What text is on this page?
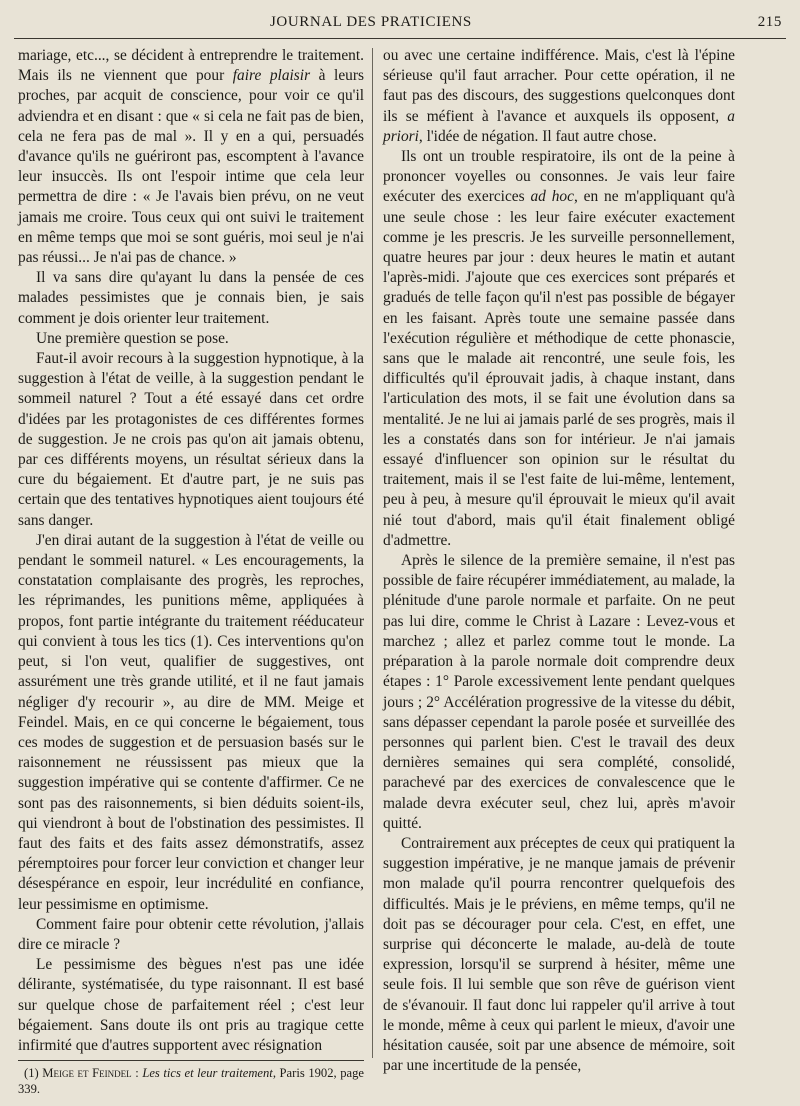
JOURNAL DES PRATICIENS	215

mariage, etc..., se décident à entreprendre le traitement. Mais ils ne viennent que pour faire plaisir à leurs proches, par acquit de conscience, pour voir ce qu'il adviendra et en disant : que « si cela ne fait pas de bien, cela ne fera pas de mal ». Il y en a qui, persuadés d'avance qu'ils ne guériront pas, escomptent à l'avance leur insuccès. Ils ont l'espoir intime que cela leur permettra de dire : « Je l'avais bien prévu, on ne veut jamais me croire. Tous ceux qui ont suivi le traitement en même temps que moi se sont guéris, moi seul je n'ai pas réussi... Je n'ai pas de chance. »

Il va sans dire qu'ayant lu dans la pensée de ces malades pessimistes que je connais bien, je sais comment je dois orienter leur traitement.

Une première question se pose.

Faut-il avoir recours à la suggestion hypnotique, à la suggestion à l'état de veille, à la suggestion pendant le sommeil naturel ? Tout a été essayé dans cet ordre d'idées par les protagonistes de ces différentes formes de suggestion. Je ne crois pas qu'on ait jamais obtenu, par ces différents moyens, un résultat sérieux dans la cure du bégaiement. Et d'autre part, je ne suis pas certain que des tentatives hypnotiques aient toujours été sans danger.

J'en dirai autant de la suggestion à l'état de veille ou pendant le sommeil naturel. « Les encouragements, la constatation complaisante des progrès, les reproches, les réprimandes, les punitions même, appliquées à propos, font partie intégrante du traitement rééducateur qui convient à tous les tics (1). Ces interventions qu'on peut, si l'on veut, qualifier de suggestives, ont assurément une très grande utilité, et il ne faut jamais négliger d'y recourir », au dire de MM. Meige et Feindel. Mais, en ce qui concerne le bégaiement, tous ces modes de suggestion et de persuasion basés sur le raisonnement ne réussissent pas mieux que la suggestion impérative qui se contente d'affirmer. Ce ne sont pas des raisonnements, si bien déduits soient-ils, qui viendront à bout de l'obstination des pessimistes. Il faut des faits et des faits assez démonstratifs, assez péremptoires pour forcer leur conviction et changer leur désespérance en espoir, leur incrédulité en confiance, leur pessimisme en optimisme.

Comment faire pour obtenir cette révolution, j'allais dire ce miracle ?

Le pessimisme des bègues n'est pas une idée délirante, systématisée, du type raisonnant. Il est basé sur quelque chose de parfaitement réel ; c'est leur bégaiement. Sans doute ils ont pris au tragique cette infirmité que d'autres supportent avec résignation

(1) Meige et Feindel : Les tics et leur traitement, Paris 1902, page 339.

ou avec une certaine indifférence. Mais, c'est là l'épine sérieuse qu'il faut arracher. Pour cette opération, il ne faut pas des discours, des suggestions quelconques dont ils se méfient à l'avance et auxquels ils opposent, a priori, l'idée de négation. Il faut autre chose.

Ils ont un trouble respiratoire, ils ont de la peine à prononcer voyelles ou consonnes. Je vais leur faire exécuter des exercices ad hoc, en ne m'appliquant qu'à une seule chose : les leur faire exécuter exactement comme je les prescris. Je les surveille personnellement, quatre heures par jour : deux heures le matin et autant l'après-midi. J'ajoute que ces exercices sont préparés et gradués de telle façon qu'il n'est pas possible de bégayer en les faisant. Après toute une semaine passée dans l'exécution régulière et méthodique de cette phonascie, sans que le malade ait rencontré, une seule fois, les difficultés qu'il éprouvait jadis, à chaque instant, dans l'articulation des mots, il se fait une évolution dans sa mentalité. Je ne lui ai jamais parlé de ses progrès, mais il les a constatés dans son for intérieur. Je n'ai jamais essayé d'influencer son opinion sur le résultat du traitement, mais il se l'est faite de lui-même, lentement, peu à peu, à mesure qu'il éprouvait le mieux qu'il avait nié tout d'abord, mais qu'il était finalement obligé d'admettre.

Après le silence de la première semaine, il n'est pas possible de faire récupérer immédiatement, au malade, la plénitude d'une parole normale et parfaite. On ne peut pas lui dire, comme le Christ à Lazare : Levez-vous et marchez ; allez et parlez comme tout le monde. La préparation à la parole normale doit comprendre deux étapes : 1° Parole excessivement lente pendant quelques jours ; 2° Accélération progressive de la vitesse du débit, sans dépasser cependant la parole posée et surveillée des personnes qui parlent bien. C'est le travail des deux dernières semaines qui sera complété, consolidé, parachevé par des exercices de convalescence que le malade devra exécuter seul, chez lui, après m'avoir quitté.

Contrairement aux préceptes de ceux qui pratiquent la suggestion impérative, je ne manque jamais de prévenir mon malade qu'il pourra rencontrer quelquefois des difficultés. Mais je le préviens, en même temps, qu'il ne doit pas se décourager pour cela. C'est, en effet, une surprise qui déconcerte le malade, au-delà de toute expression, lorsqu'il se surprend à hésiter, même une seule fois. Il lui semble que son rêve de guérison vient de s'évanouir. Il faut donc lui rappeler qu'il arrive à tout le monde, même à ceux qui parlent le mieux, d'avoir une hésitation causée, soit par une absence de mémoire, soit par une incertitude de la pensée,
